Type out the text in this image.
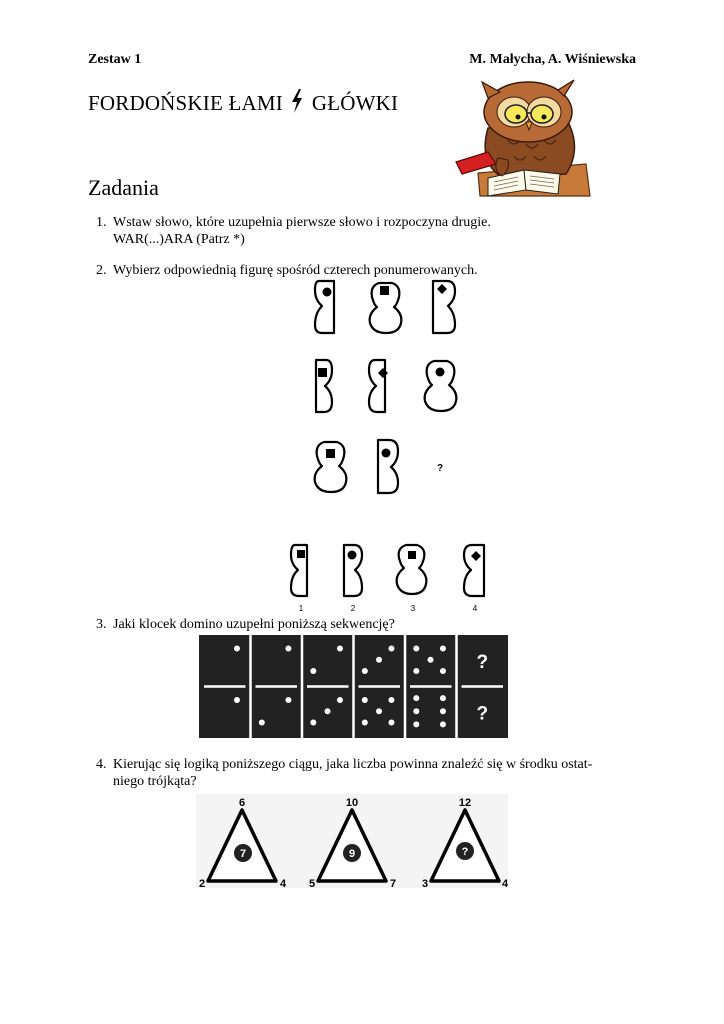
Zestaw 1	M. Małycha, A. Wiśniewska
FORDOŃSKIE ŁAMI GŁÓWKI
Zadania
1. Wstaw słowo, które uzupełnia pierwsze słowo i rozpoczyna drugie.
WAR(...)ARA (Patrz *)
2. Wybierz odpowiednią figurę spośród czterech ponumerowanych.
?
1	2	3	4
3. Jaki klocek domino uzupełni poniższą sekwencję?
?
?
4. Kierując się logiką poniższego ciągu, jaka liczba powinna znaleźć się w środku ostat-
niego trójkąta?
6
2	4
7
10
5	7
9
12
3	4
?
